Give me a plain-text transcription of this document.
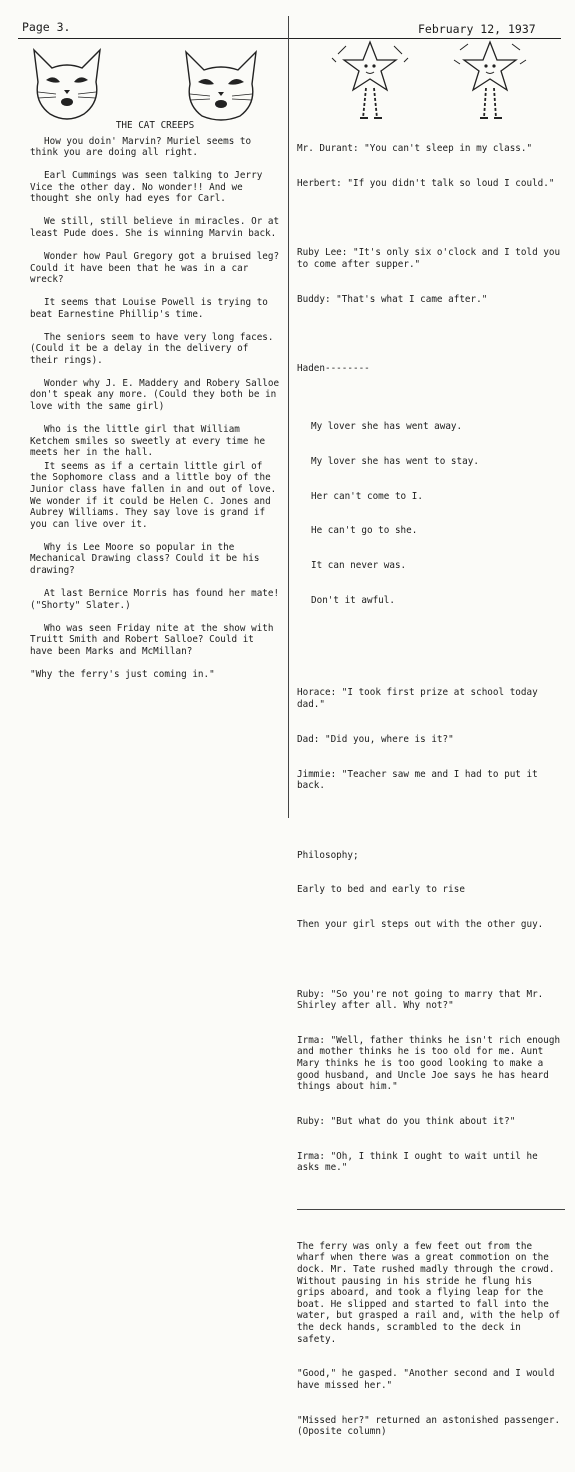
Page 3.	February 12, 1937
THE CAT CREEPS
How you doin' Marvin? Muriel seems to think you are doing all right.
Earl Cummings was seen talking to Jerry Vice the other day. No wonder!! And we thought she only had eyes for Carl.
We still, still believe in miracles. Or at least Pude does. She is winning Marvin back.
Wonder how Paul Gregory got a bruised leg? Could it have been that he was in a car wreck?
It seems that Louise Powell is trying to beat Earnestine Phillip's time.
The seniors seem to have very long faces. (Could it be a delay in the delivery of their rings).
Wonder why J. E. Maddery and Robery Salloe don't speak any more. (Could they both be in love with the same girl)
Who is the little girl that William Ketchem smiles so sweetly at every time he meets her in the hall.
It seems as if a certain little girl of the Sophomore class and a little boy of the Junior class have fallen in and out of love. We wonder if it could be Helen C. Jones and Aubrey Williams. They say love is grand if you can live over it.
Why is Lee Moore so popular in the Mechanical Drawing class? Could it be his drawing?
At last Bernice Morris has found her mate! ("Shorty" Slater.)
Who was seen Friday nite at the show with Truitt Smith and Robert Salloe? Could it have been Marks and McMillan?
"Why the ferry's just coming in."

Mr. Durant: "You can't sleep in my class."

Herbert: "If you didn't talk so loud I could."

Ruby Lee: "It's only six o'clock and I told you to come after supper."

Buddy: "That's what I came after."

Haden--------

My lover she has went away.

My lover she has went to stay.

Her can't come to I.

He can't go to she.

It can never was.

Don't it awful.

Horace: "I took first prize at school today dad."

Dad: "Did you, where is it?"

Jimmie: "Teacher saw me and I had to put it back.

Philosophy;

Early to bed and early to rise

Then your girl steps out with the other guy.

Ruby: "So you're not going to marry that Mr. Shirley after all. Why not?"

Irma: "Well, father thinks he isn't rich enough and mother thinks he is too old for me. Aunt Mary thinks he is too good looking to make a good husband, and Uncle Joe says he has heard things about him."

Ruby: "But what do you think about it?"

Irma: "Oh, I think I ought to wait until he asks me."

The ferry was only a few feet out from the wharf when there was a great commotion on the dock. Mr. Tate rushed madly through the crowd. Without pausing in his stride he flung his grips aboard, and took a flying leap for the boat. He slipped and started to fall into the water, but grasped a rail and, with the help of the deck hands, scrambled to the deck in safety.

"Good," he gasped. "Another second and I would have missed her."

"Missed her?" returned an astonished passenger. (Oposite column)
